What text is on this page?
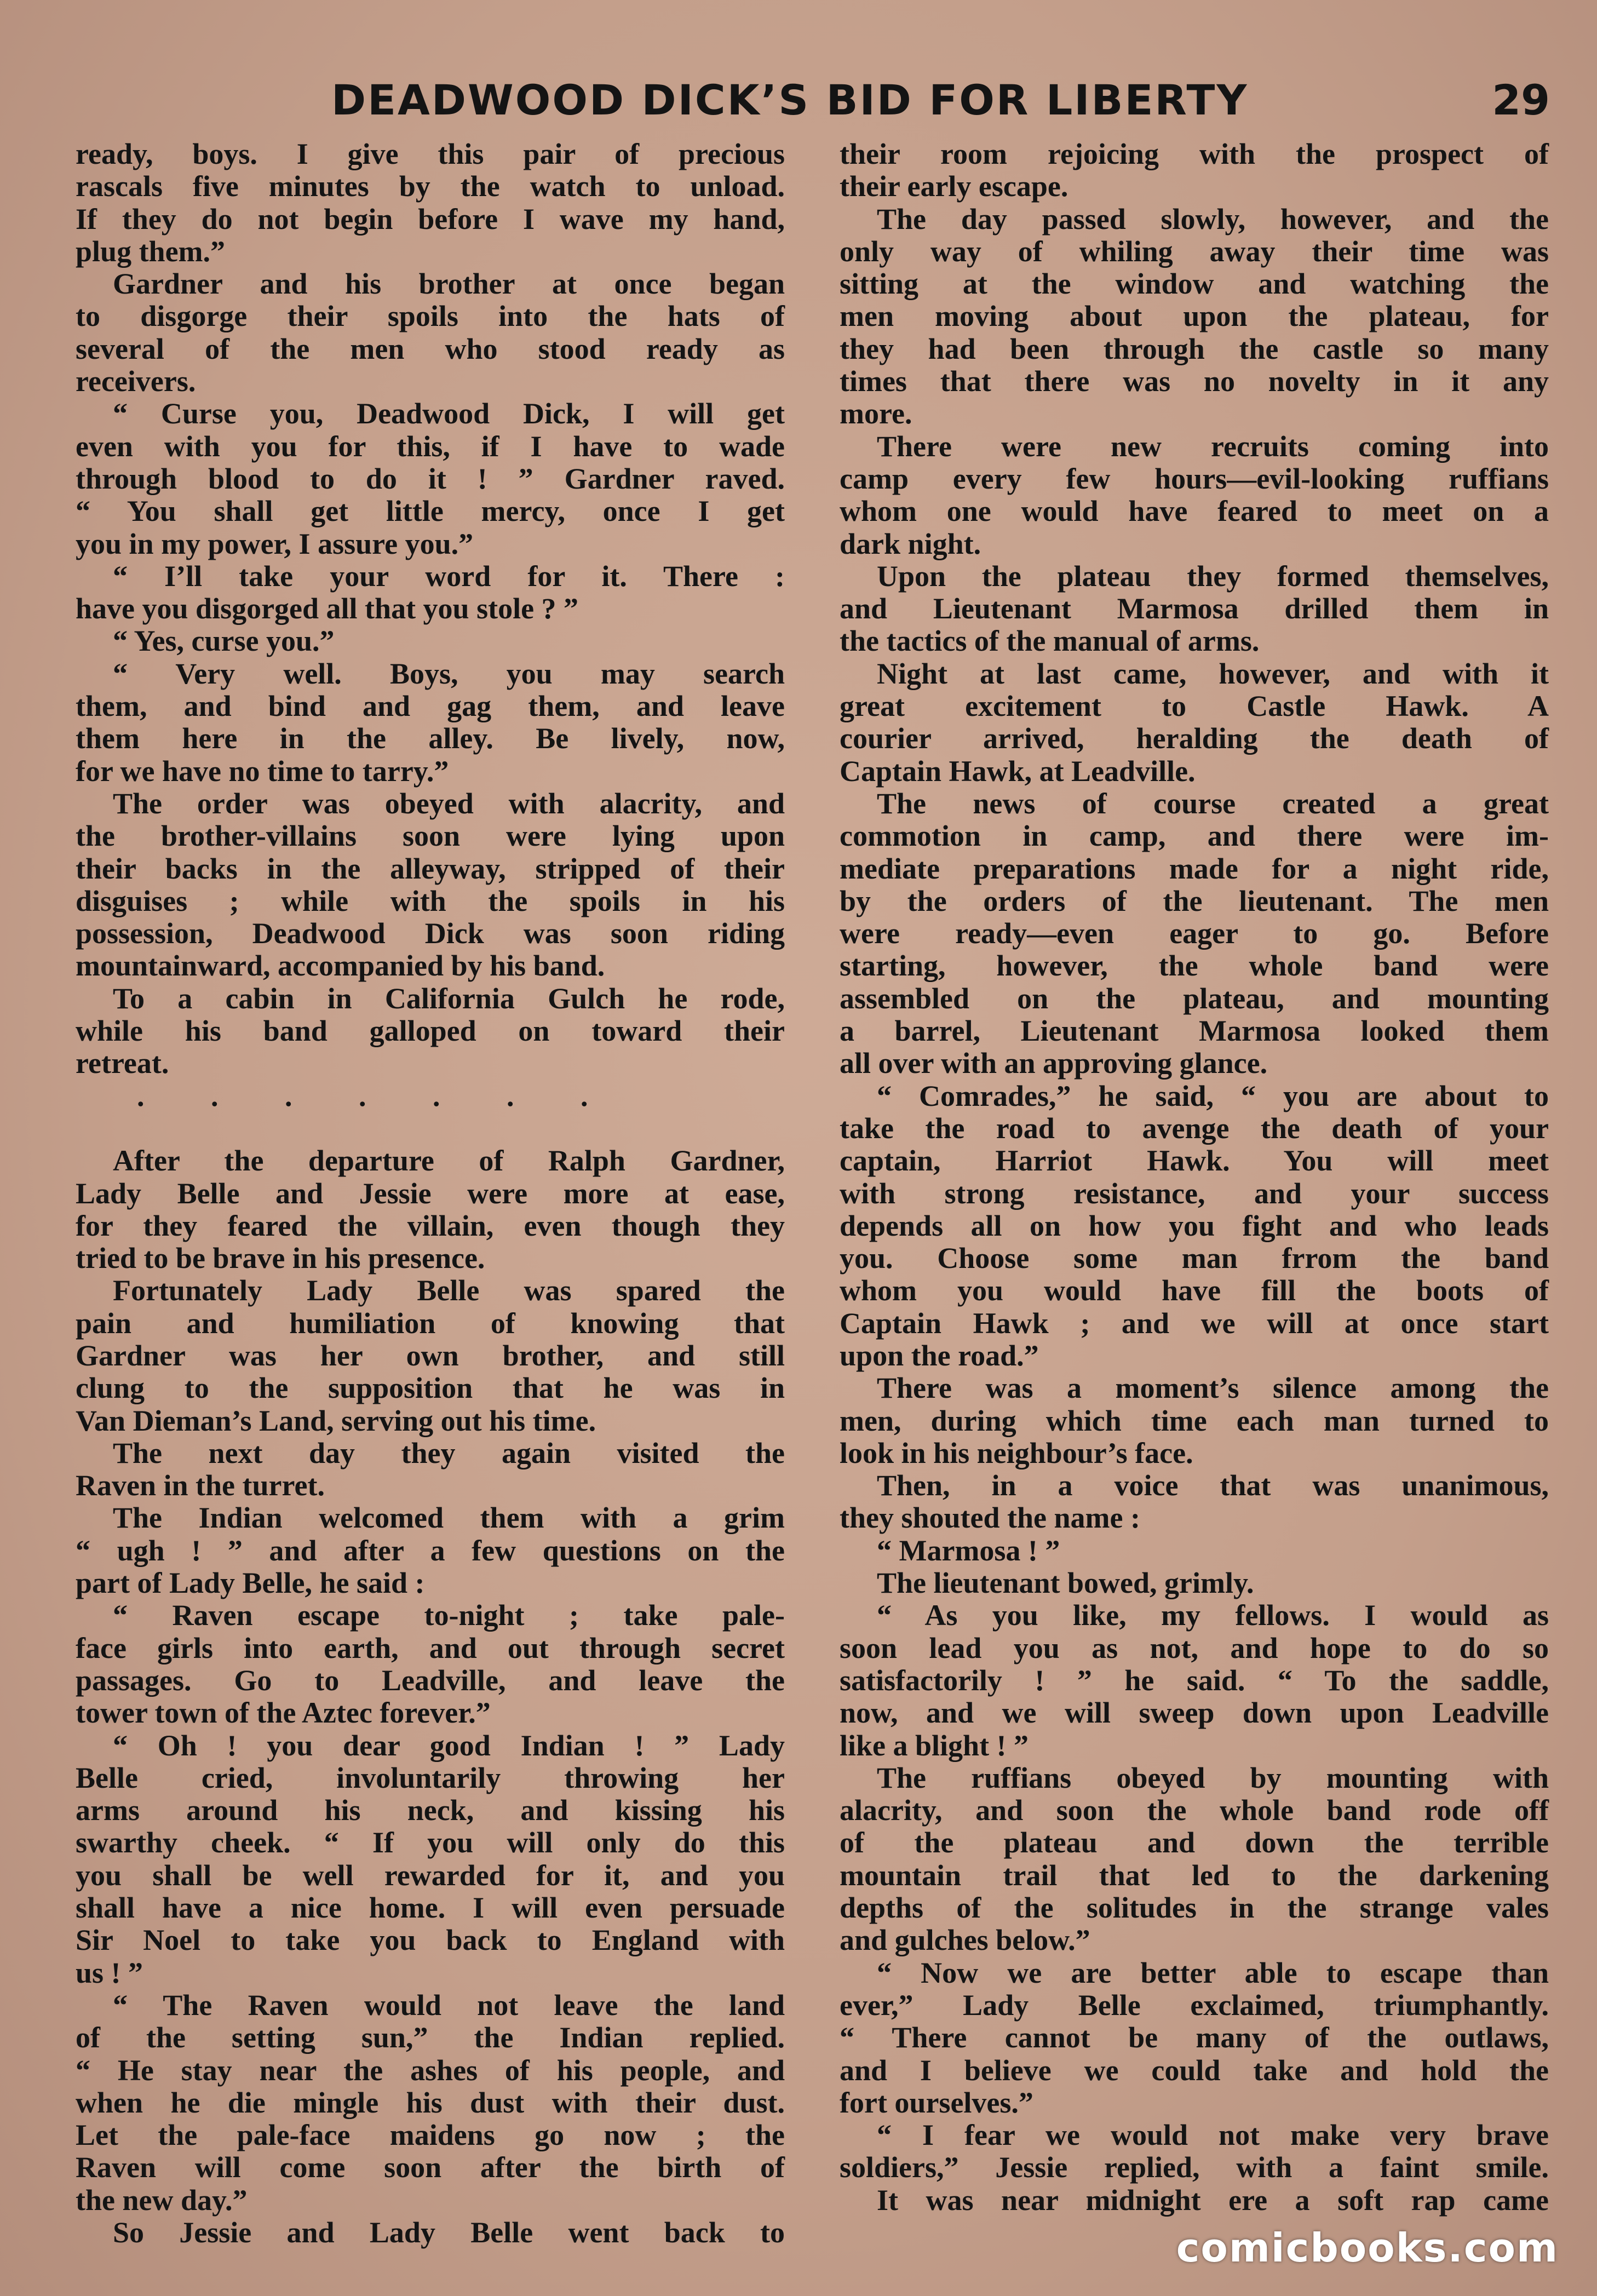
DEADWOOD DICK’S BID FOR LIBERTY	29
ready, boys. I give this pair of precious
rascals five minutes by the watch to unload.
If they do not begin before I wave my hand,
plug them.”
Gardner and his brother at once began
to disgorge their spoils into the hats of
several of the men who stood ready as
receivers.
“ Curse you, Deadwood Dick, I will get
even with you for this, if I have to wade
through blood to do it ! ” Gardner raved.
“ You shall get little mercy, once I get
you in my power, I assure you.”
“ I’ll take your word for it. There :
have you disgorged all that you stole ? ”
“ Yes, curse you.”
“ Very well. Boys, you may search
them, and bind and gag them, and leave
them here in the alley. Be lively, now,
for we have no time to tarry.”
The order was obeyed with alacrity, and
the brother-villains soon were lying upon
their backs in the alleyway, stripped of their
disguises ; while with the spoils in his
possession, Deadwood Dick was soon riding
mountainward, accompanied by his band.
To a cabin in California Gulch he rode,
while his band galloped on toward their
retreat.
. . . . . . .
After the departure of Ralph Gardner,
Lady Belle and Jessie were more at ease,
for they feared the villain, even though they
tried to be brave in his presence.
Fortunately Lady Belle was spared the
pain and humiliation of knowing that
Gardner was her own brother, and still
clung to the supposition that he was in
Van Dieman’s Land, serving out his time.
The next day they again visited the
Raven in the turret.
The Indian welcomed them with a grim
“ ugh ! ” and after a few questions on the
part of Lady Belle, he said :
“ Raven escape to-night ; take pale-
face girls into earth, and out through secret
passages. Go to Leadville, and leave the
tower town of the Aztec forever.”
“ Oh ! you dear good Indian ! ” Lady
Belle cried, involuntarily throwing her
arms around his neck, and kissing his
swarthy cheek. “ If you will only do this
you shall be well rewarded for it, and you
shall have a nice home. I will even persuade
Sir Noel to take you back to England with
us ! ”
“ The Raven would not leave the land
of the setting sun,” the Indian replied.
“ He stay near the ashes of his people, and
when he die mingle his dust with their dust.
Let the pale-face maidens go now ; the
Raven will come soon after the birth of
the new day.”
So Jessie and Lady Belle went back to
their room rejoicing with the prospect of
their early escape.
The day passed slowly, however, and the
only way of whiling away their time was
sitting at the window and watching the
men moving about upon the plateau, for
they had been through the castle so many
times that there was no novelty in it any
more.
There were new recruits coming into
camp every few hours—evil-looking ruffians
whom one would have feared to meet on a
dark night.
Upon the plateau they formed themselves,
and Lieutenant Marmosa drilled them in
the tactics of the manual of arms.
Night at last came, however, and with it
great excitement to Castle Hawk. A
courier arrived, heralding the death of
Captain Hawk, at Leadville.
The news of course created a great
commotion in camp, and there were im-
mediate preparations made for a night ride,
by the orders of the lieutenant. The men
were ready—even eager to go. Before
starting, however, the whole band were
assembled on the plateau, and mounting
a barrel, Lieutenant Marmosa looked them
all over with an approving glance.
“ Comrades,” he said, “ you are about to
take the road to avenge the death of your
captain, Harriot Hawk. You will meet
with strong resistance, and your success
depends all on how you fight and who leads
you. Choose some man frrom the band
whom you would have fill the boots of
Captain Hawk ; and we will at once start
upon the road.”
There was a moment’s silence among the
men, during which time each man turned to
look in his neighbour’s face.
Then, in a voice that was unanimous,
they shouted the name :
“ Marmosa ! ”
The lieutenant bowed, grimly.
“ As you like, my fellows. I would as
soon lead you as not, and hope to do so
satisfactorily ! ” he said. “ To the saddle,
now, and we will sweep down upon Leadville
like a blight ! ”
The ruffians obeyed by mounting with
alacrity, and soon the whole band rode off
of the plateau and down the terrible
mountain trail that led to the darkening
depths of the solitudes in the strange vales
and gulches below.”
“ Now we are better able to escape than
ever,” Lady Belle exclaimed, triumphantly.
“ There cannot be many of the outlaws,
and I believe we could take and hold the
fort ourselves.”
“ I fear we would not make very brave
soldiers,” Jessie replied, with a faint smile.
It was near midnight ere a soft rap came
comicbooks.com
